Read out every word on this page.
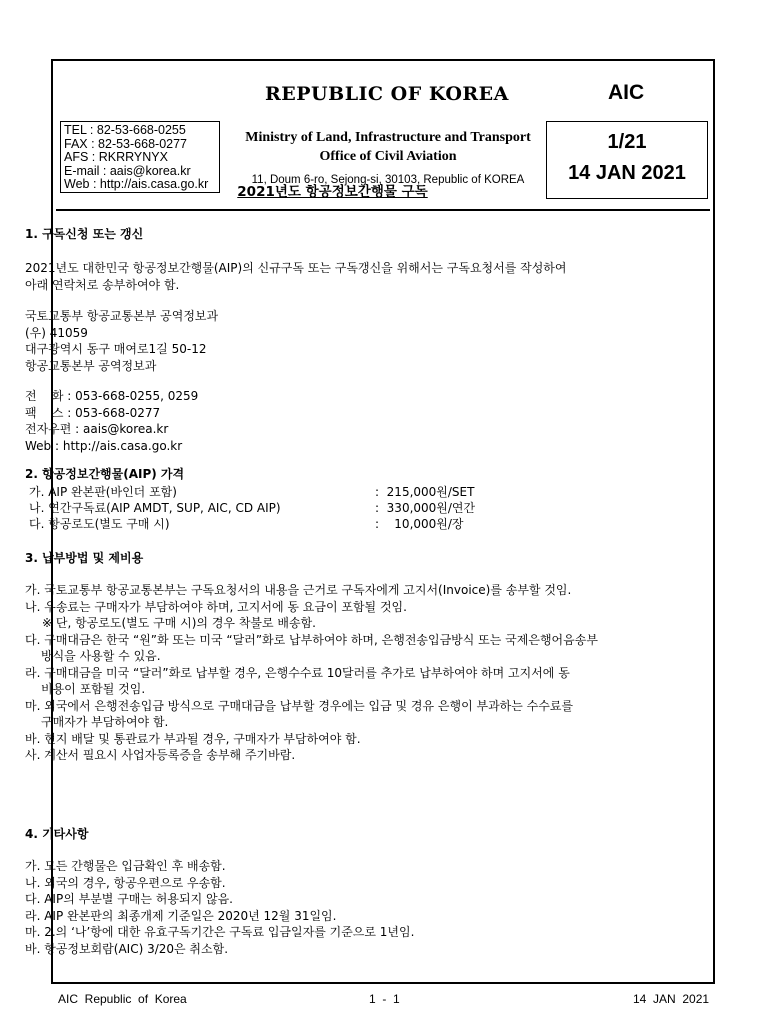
REPUBLIC OF KOREA	AIC
TEL : 82-53-668-0255
FAX : 82-53-668-0277
AFS : RKRRYNYX
E-mail : aais@korea.kr
Web : http://ais.casa.go.kr
Ministry of Land, Infrastructure and Transport
Office of Civil Aviation
11, Doum 6-ro, Sejong-si, 30103, Republic of KOREA
1/21
14 JAN 2021
2021년도 항공정보간행물 구독
1. 구독신청 또는 갱신
2021년도 대한민국 항공정보간행물(AIP)의 신규구독 또는 구독갱신을 위해서는 구독요청서를 작성하여
아래 연락처로 송부하여야 함.
국토교통부 항공교통본부 공역정보과
(우) 41059
대구광역시 동구 매여로1길 50-12
항공교통본부 공역정보과
전    화 : 053-668-0255, 0259
팩    스 : 053-668-0277
전자우편 : aais@korea.kr
Web : http://ais.casa.go.kr
2. 항공정보간행물(AIP) 가격
가. AIP 완본판(바인더 포함)	:  215,000원/SET
나. 연간구독료(AIP AMDT, SUP, AIC, CD AIP)	:  330,000원/연간
다. 항공로도(별도 구매 시)	:    10,000원/장
3. 납부방법 및 제비용
가. 국토교통부 항공교통본부는 구독요청서의 내용을 근거로 구독자에게 고지서(Invoice)를 송부할 것임.
나. 우송료는 구매자가 부담하여야 하며, 고지서에 동 요금이 포함될 것임.
※ 단, 항공로도(별도 구매 시)의 경우 착불로 배송함.
다. 구매대금은 한국 “원”화 또는 미국 “달러”화로 납부하여야 하며, 은행전송입금방식 또는 국제은행어음송부
방식을 사용할 수 있음.
라. 구매대금을 미국 “달러”화로 납부할 경우, 은행수수료 10달러를 추가로 납부하여야 하며 고지서에 동
비용이 포함될 것임.
마. 외국에서 은행전송입금 방식으로 구매대금을 납부할 경우에는 입금 및 경유 은행이 부과하는 수수료를
구매자가 부담하여야 함.
바. 현지 배달 및 통관료가 부과될 경우, 구매자가 부담하여야 함.
사. 계산서 필요시 사업자등록증을 송부해 주기바람.
4. 기타사항
가. 모든 간행물은 입금확인 후 배송함.
나. 외국의 경우, 항공우편으로 우송함.
다. AIP의 부분별 구매는 허용되지 않음.
라. AIP 완본판의 최종개제 기준일은 2020년 12월 31일임.
마. 2.의 ‘나’항에 대한 유효구독기간은 구독료 입금일자를 기준으로 1년임.
바. 항공정보회람(AIC) 3/20은 취소함.
AIC  Republic  of  Korea	1  -  1	14  JAN  2021
